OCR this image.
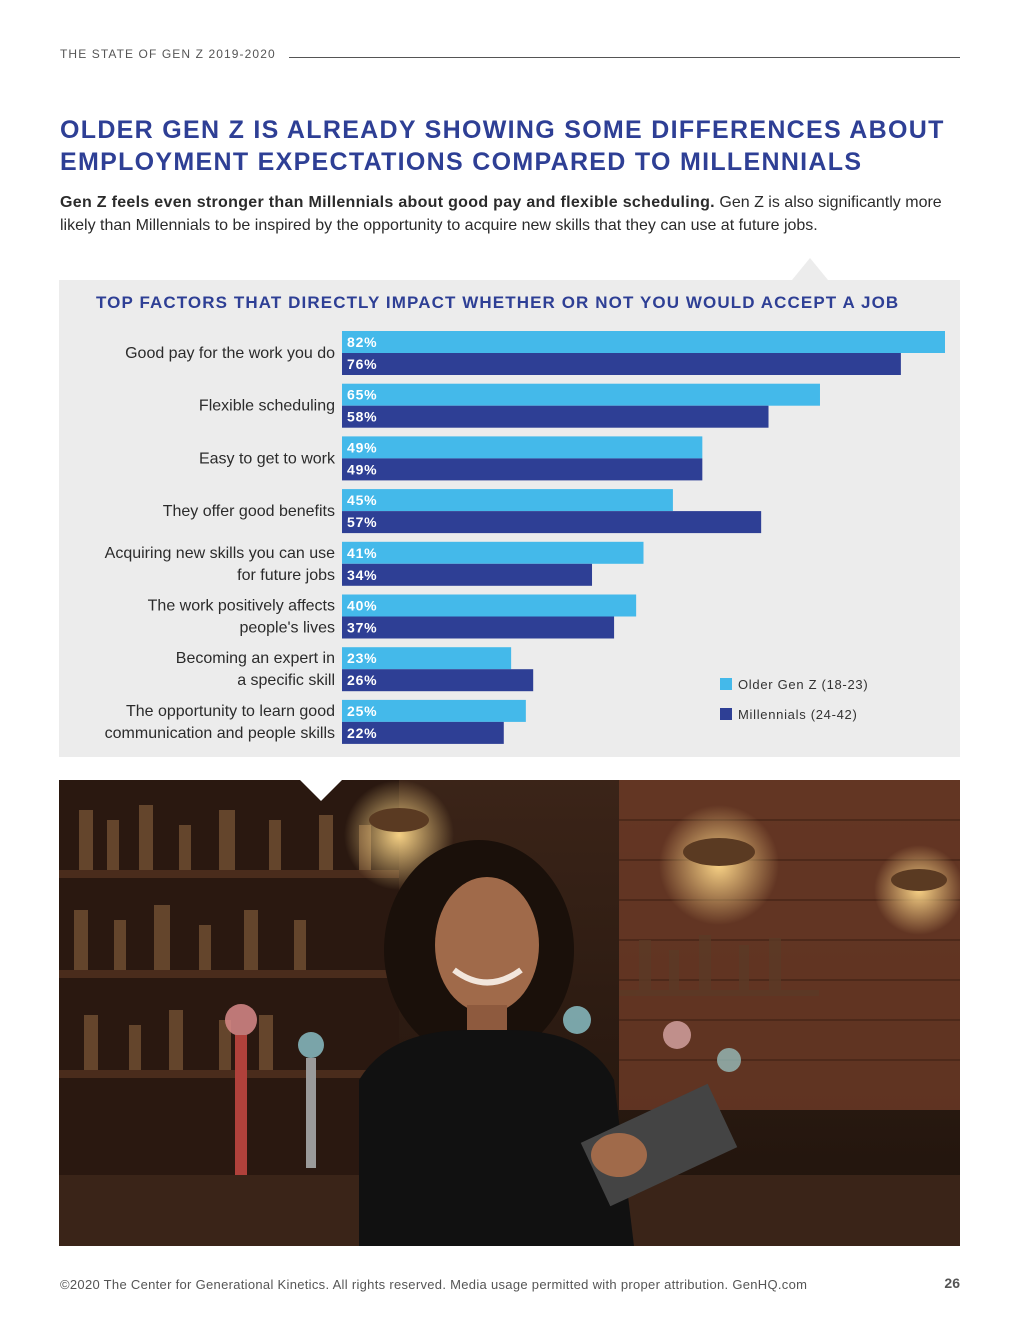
THE STATE OF GEN Z 2019-2020
OLDER GEN Z IS ALREADY SHOWING SOME DIFFERENCES ABOUT
EMPLOYMENT EXPECTATIONS COMPARED TO MILLENNIALS
Gen Z feels even stronger than Millennials about good pay and flexible scheduling. Gen Z is also significantly more likely than Millennials to be inspired by the opportunity to acquire new skills that they can use at future jobs.
TOP FACTORS THAT DIRECTLY IMPACT WHETHER OR NOT YOU WOULD ACCEPT A JOB
Good pay for the work you do
82%
76%
Flexible scheduling
65%
58%
Easy to get to work
49%
49%
They offer good benefits
45%
57%
Acquiring new skills you can use for future jobs
41%
34%
The work positively affects people's lives
40%
37%
Becoming an expert in a specific skill
23%
26%
The opportunity to learn good communication and people skills
25%
22%
Older Gen Z (18-23)
Millennials (24-42)
©2020 The Center for Generational Kinetics. All rights reserved. Media usage permitted with proper attribution. GenHQ.com	26
